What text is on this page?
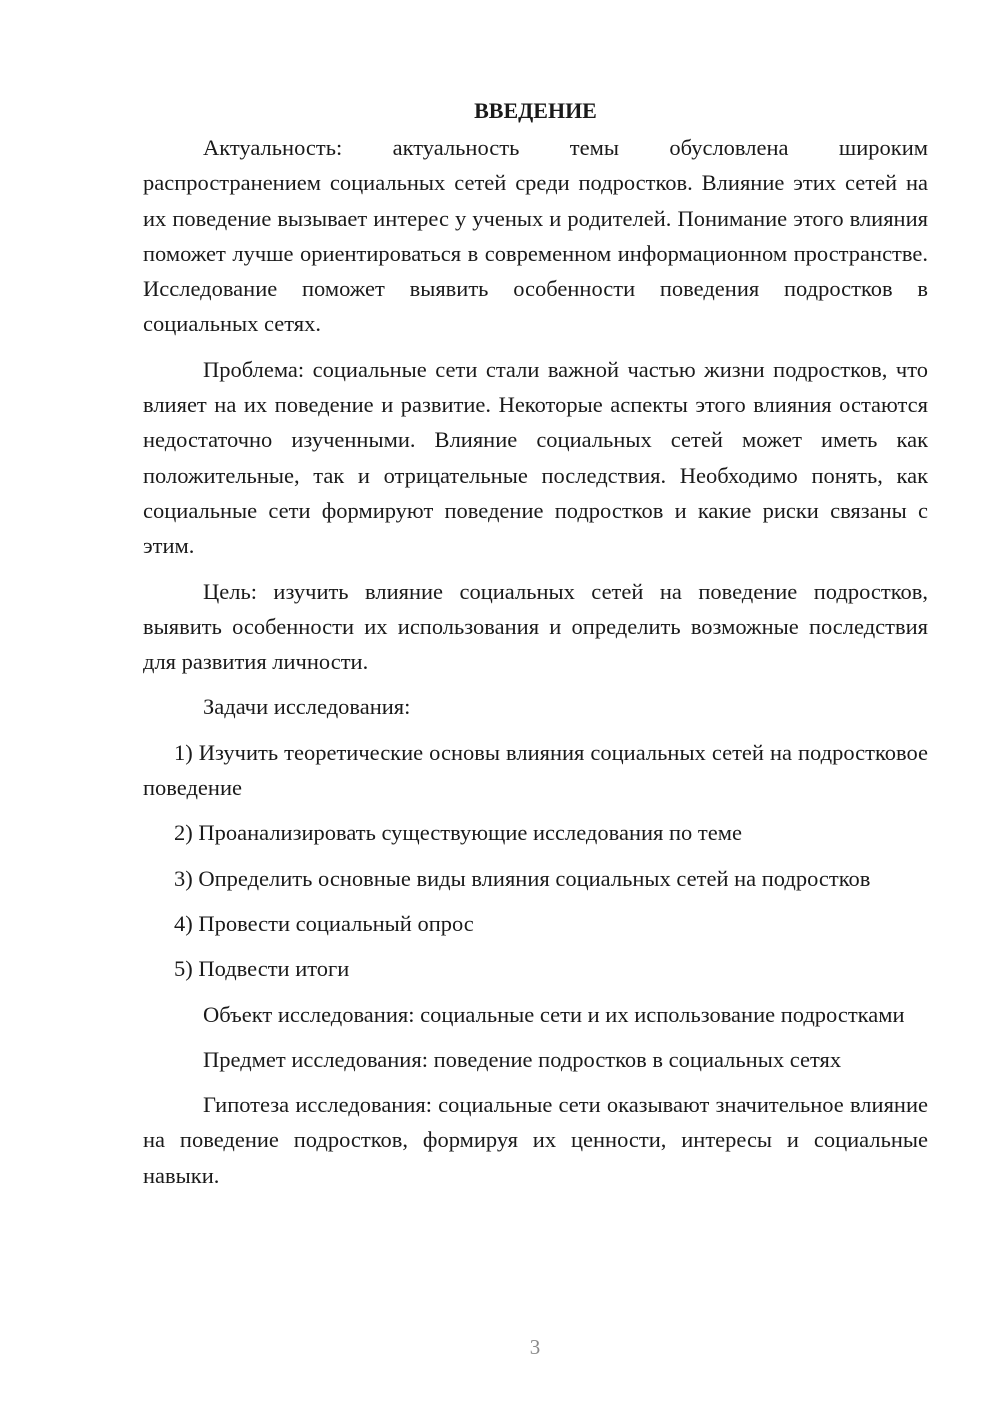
ВВЕДЕНИЕ

Актуальность: актуальность темы обусловлена широким распространением социальных сетей среди подростков. Влияние этих сетей на их поведение вызывает интерес у ученых и родителей. Понимание этого влияния поможет лучше ориентироваться в современном информационном пространстве. Исследование поможет выявить особенности поведения подростков в социальных сетях.

Проблема: социальные сети стали важной частью жизни подростков, что влияет на их поведение и развитие. Некоторые аспекты этого влияния остаются недостаточно изученными. Влияние социальных сетей может иметь как положительные, так и отрицательные последствия. Необходимо понять, как социальные сети формируют поведение подростков и какие риски связаны с этим.

Цель: изучить влияние социальных сетей на поведение подростков, выявить особенности их использования и определить возможные последствия для развития личности.

Задачи исследования:

1) Изучить теоретические основы влияния социальных сетей на подростковое поведение

2) Проанализировать существующие исследования по теме

3) Определить основные виды влияния социальных сетей на подростков

4) Провести социальный опрос

5) Подвести итоги

Объект исследования: социальные сети и их использование подростками

Предмет исследования: поведение подростков в социальных сетях

Гипотеза исследования: социальные сети оказывают значительное влияние на поведение подростков, формируя их ценности, интересы и социальные навыки.

3
